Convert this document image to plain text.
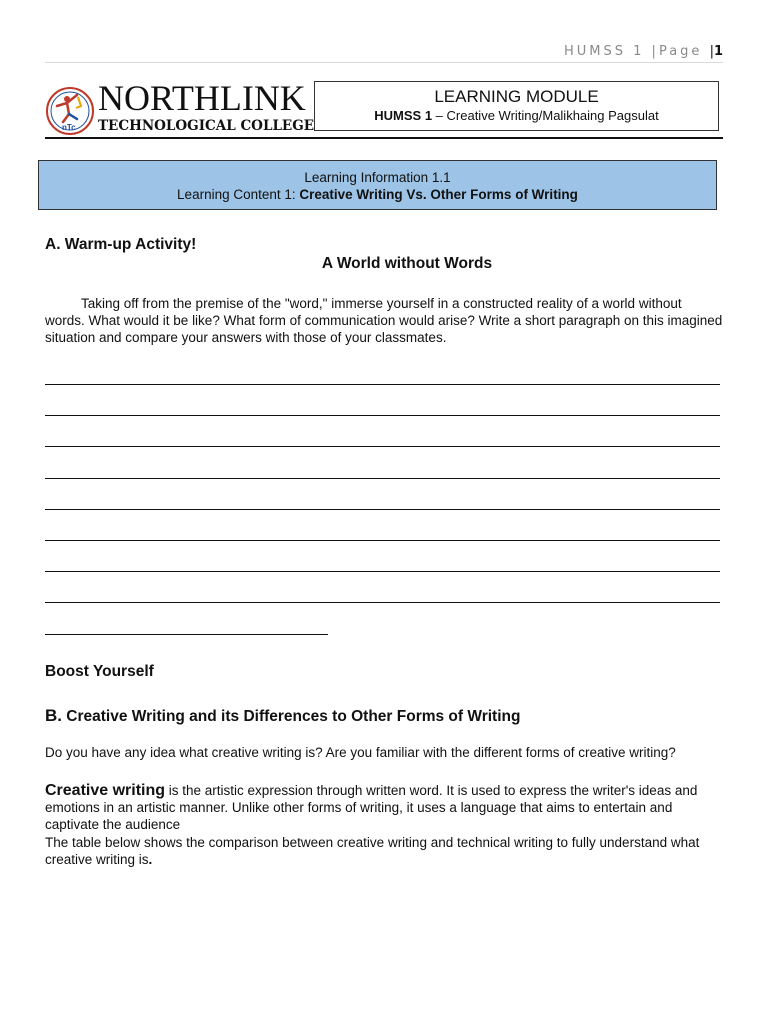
HUMSS 1 |Page |1
nTc
NORTHLINK
TECHNOLOGICAL COLLEGE
LEARNING MODULE
HUMSS 1 – Creative Writing/Malikhaing Pagsulat
Learning Information 1.1
Learning Content 1: Creative Writing Vs. Other Forms of Writing
A. Warm-up Activity!
A World without Words
Taking off from the premise of the "word," immerse yourself in a constructed reality of a world without words. What would it be like? What form of communication would arise? Write a short paragraph on this imagined situation and compare your answers with those of your classmates.
Boost Yourself
B. Creative Writing and its Differences to Other Forms of Writing
Do you have any idea what creative writing is? Are you familiar with the different forms of creative writing?
Creative writing is the artistic expression through written word. It is used to express the writer's ideas and emotions in an artistic manner. Unlike other forms of writing, it uses a language that aims to entertain and captivate the audience
The table below shows the comparison between creative writing and technical writing to fully understand what creative writing is.
